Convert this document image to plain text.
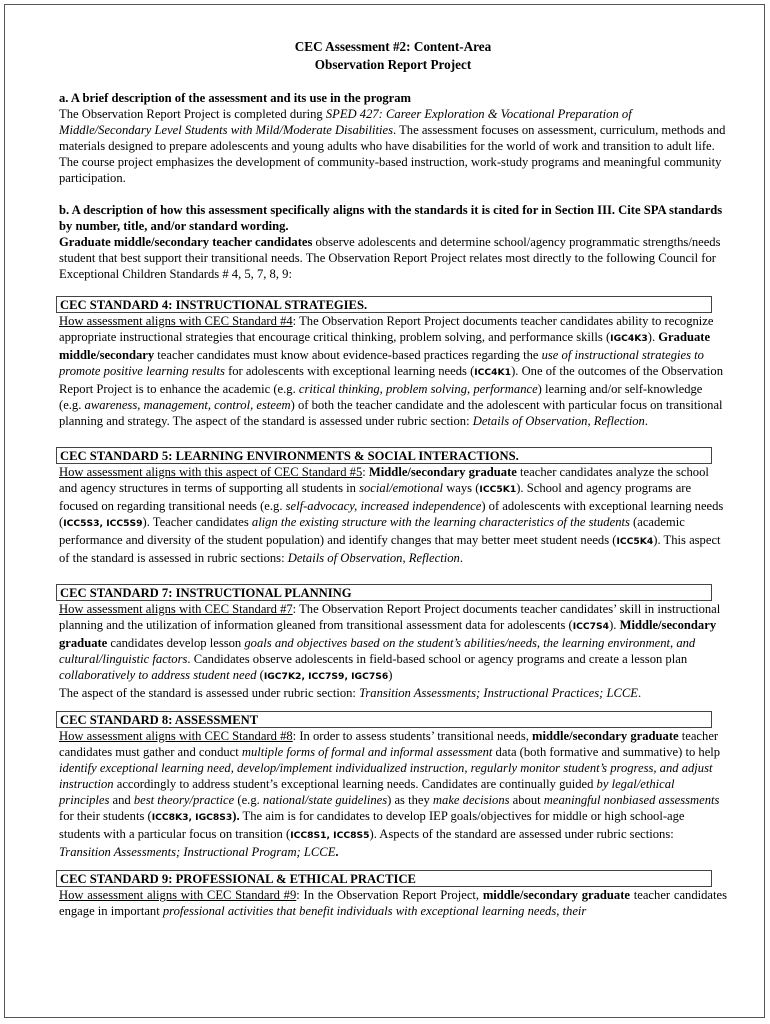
CEC Assessment #2: Content-Area
Observation Report Project

a. A brief description of the assessment and its use in the program

The Observation Report Project is completed during SPED 427: Career Exploration & Vocational Preparation of Middle/Secondary Level Students with Mild/Moderate Disabilities. The assessment focuses on assessment, curriculum, methods and materials designed to prepare adolescents and young adults who have disabilities for the world of work and transition to adult life. The course project emphasizes the development of community-based instruction, work-study programs and meaningful community participation.

b. A description of how this assessment specifically aligns with the standards it is cited for in Section III. Cite SPA standards by number, title, and/or standard wording.

Graduate middle/secondary teacher candidates observe adolescents and determine school/agency programmatic strengths/needs student that best support their transitional needs. The Observation Report Project relates most directly to the following Council for Exceptional Children Standards # 4, 5, 7, 8, 9:

CEC STANDARD 4: INSTRUCTIONAL STRATEGIES.

How assessment aligns with CEC Standard #4: The Observation Report Project documents teacher candidates ability to recognize appropriate instructional strategies that encourage critical thinking, problem solving, and performance skills (IGC4K3). Graduate middle/secondary teacher candidates must know about evidence-based practices regarding the use of instructional strategies to promote positive learning results for adolescents with exceptional learning needs (ICC4K1). One of the outcomes of the Observation Report Project is to enhance the academic (e.g. critical thinking, problem solving, performance) learning and/or self-knowledge (e.g. awareness, management, control, esteem) of both the teacher candidate and the adolescent with particular focus on transitional planning and strategy. The aspect of the standard is assessed under rubric section: Details of Observation, Reflection.

CEC STANDARD 5: LEARNING ENVIRONMENTS & SOCIAL INTERACTIONS.

How assessment aligns with this aspect of CEC Standard #5: Middle/secondary graduate teacher candidates analyze the school and agency structures in terms of supporting all students in social/emotional ways (ICC5K1). School and agency programs are focused on regarding transitional needs (e.g. self-advocacy, increased independence) of adolescents with exceptional learning needs (ICC5S3, ICC5S9). Teacher candidates align the existing structure with the learning characteristics of the students (academic performance and diversity of the student population) and identify changes that may better meet student needs (ICC5K4). This aspect of the standard is assessed in rubric sections: Details of Observation, Reflection.

CEC STANDARD 7: INSTRUCTIONAL PLANNING

How assessment aligns with CEC Standard #7: The Observation Report Project documents teacher candidates’ skill in instructional planning and the utilization of information gleaned from transitional assessment data for adolescents (ICC7S4). Middle/secondary graduate candidates develop lesson goals and objectives based on the student’s abilities/needs, the learning environment, and cultural/linguistic factors. Candidates observe adolescents in field-based school or agency programs and create a lesson plan collaboratively to address student need (IGC7K2, ICC7S9, IGC7S6)
The aspect of the standard is assessed under rubric section: Transition Assessments; Instructional Practices; LCCE.

CEC STANDARD 8: ASSESSMENT

How assessment aligns with CEC Standard #8: In order to assess students’ transitional needs, middle/secondary graduate teacher candidates must gather and conduct multiple forms of formal and informal assessment data (both formative and summative) to help identify exceptional learning need, develop/implement individualized instruction, regularly monitor student’s progress, and adjust instruction accordingly to address student’s exceptional learning needs. Candidates are continually guided by legal/ethical principles and best theory/practice (e.g. national/state guidelines) as they make decisions about meaningful nonbiased assessments for their students (ICC8K3, IGC8S3). The aim is for candidates to develop IEP goals/objectives for middle or high school-age students with a particular focus on transition (ICC8S1, ICC8S5). Aspects of the standard are assessed under rubric sections: Transition Assessments; Instructional Program; LCCE.

CEC STANDARD 9: PROFESSIONAL & ETHICAL PRACTICE

How assessment aligns with CEC Standard #9: In the Observation Report Project, middle/secondary graduate teacher candidates engage in important professional activities that benefit individuals with exceptional learning needs, their
